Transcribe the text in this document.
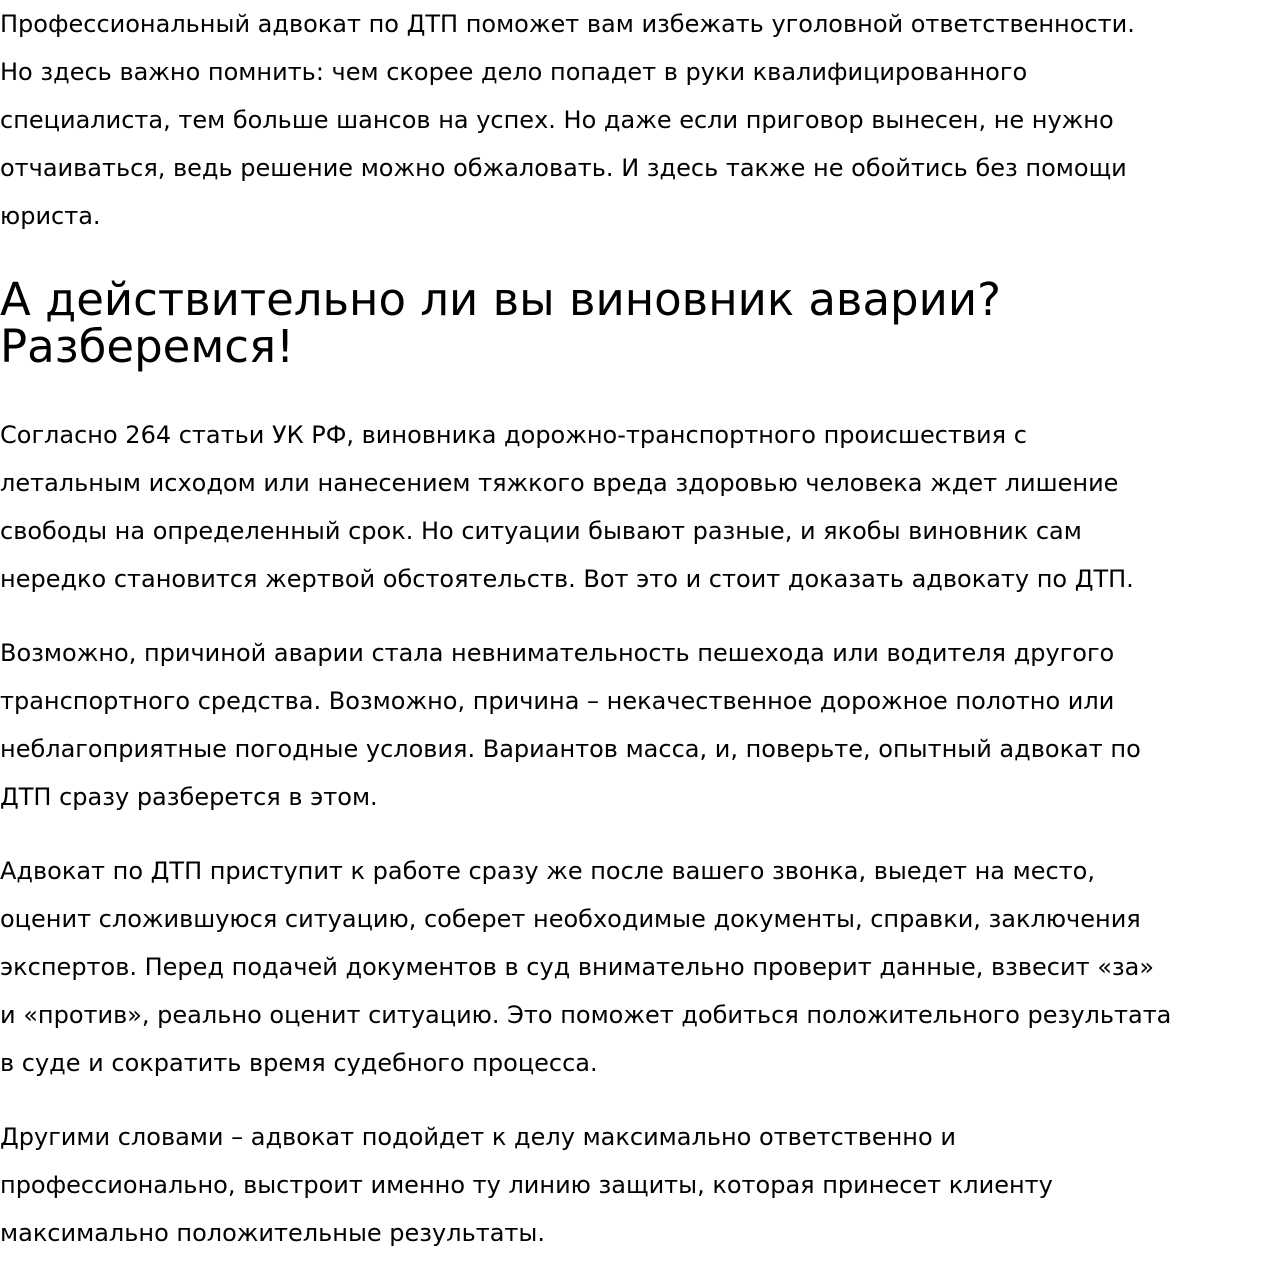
Профессиональный адвокат по ДТП поможет вам избежать уголовной ответственности.
Но здесь важно помнить: чем скорее дело попадет в руки квалифицированного
специалиста, тем больше шансов на успех. Но даже если приговор вынесен, не нужно
отчаиваться, ведь решение можно обжаловать. И здесь также не обойтись без помощи
юриста.

А действительно ли вы виновник аварии?
Разберемся!

Согласно 264 статьи УК РФ, виновника дорожно-транспортного происшествия с
летальным исходом или нанесением тяжкого вреда здоровью человека ждет лишение
свободы на определенный срок. Но ситуации бывают разные, и якобы виновник сам
нередко становится жертвой обстоятельств. Вот это и стоит доказать адвокату по ДТП.

Возможно, причиной аварии стала невнимательность пешехода или водителя другого
транспортного средства. Возможно, причина – некачественное дорожное полотно или
неблагоприятные погодные условия. Вариантов масса, и, поверьте, опытный адвокат по
ДТП сразу разберется в этом.

Адвокат по ДТП приступит к работе сразу же после вашего звонка, выедет на место,
оценит сложившуюся ситуацию, соберет необходимые документы, справки, заключения
экспертов. Перед подачей документов в суд внимательно проверит данные, взвесит «за»
и «против», реально оценит ситуацию. Это поможет добиться положительного результата
в суде и сократить время судебного процесса.

Другими словами – адвокат подойдет к делу максимально ответственно и
профессионально, выстроит именно ту линию защиты, которая принесет клиенту
максимально положительные результаты.
